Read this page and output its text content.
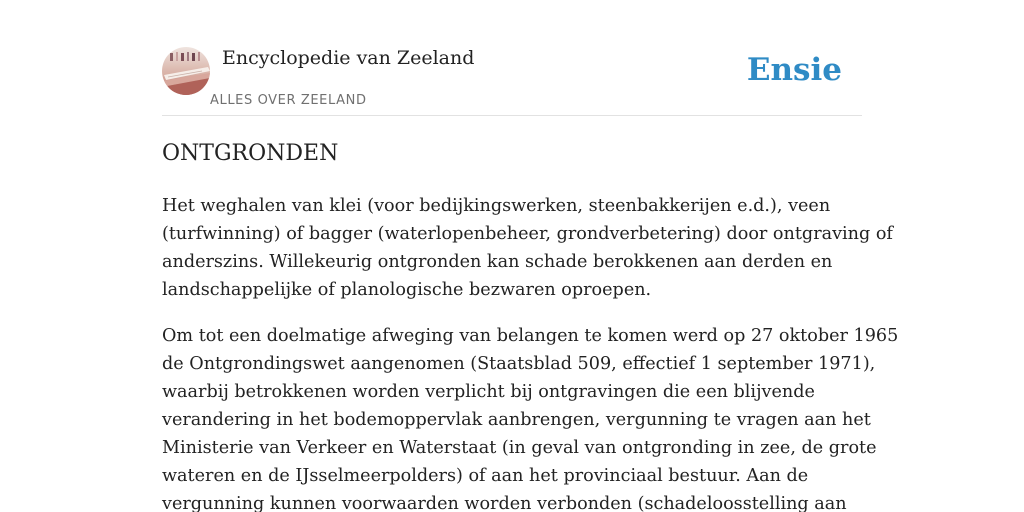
Encyclopedie van Zeeland
ALLES OVER ZEELAND
Ensie
ONTGRONDEN

Het weghalen van klei (voor bedijkingswerken, steenbakkerijen e.d.), veen
(turfwinning) of bagger (waterlopenbeheer, grondverbetering) door ontgraving of
anderszins. Willekeurig ontgronden kan schade berokkenen aan derden en
landschappelijke of planologische bezwaren oproepen.

Om tot een doelmatige afweging van belangen te komen werd op 27 oktober 1965
de Ontgrondingswet aangenomen (Staatsblad 509, effectief 1 september 1971),
waarbij betrokkenen worden verplicht bij ontgravingen die een blijvende
verandering in het bodemoppervlak aanbrengen, vergunning te vragen aan het
Ministerie van Verkeer en Waterstaat (in geval van ontgronding in zee, de grote
wateren en de IJsselmeerpolders) of aan het provinciaal bestuur. Aan de
vergunning kunnen voorwaarden worden verbonden (schadeloosstelling aan
